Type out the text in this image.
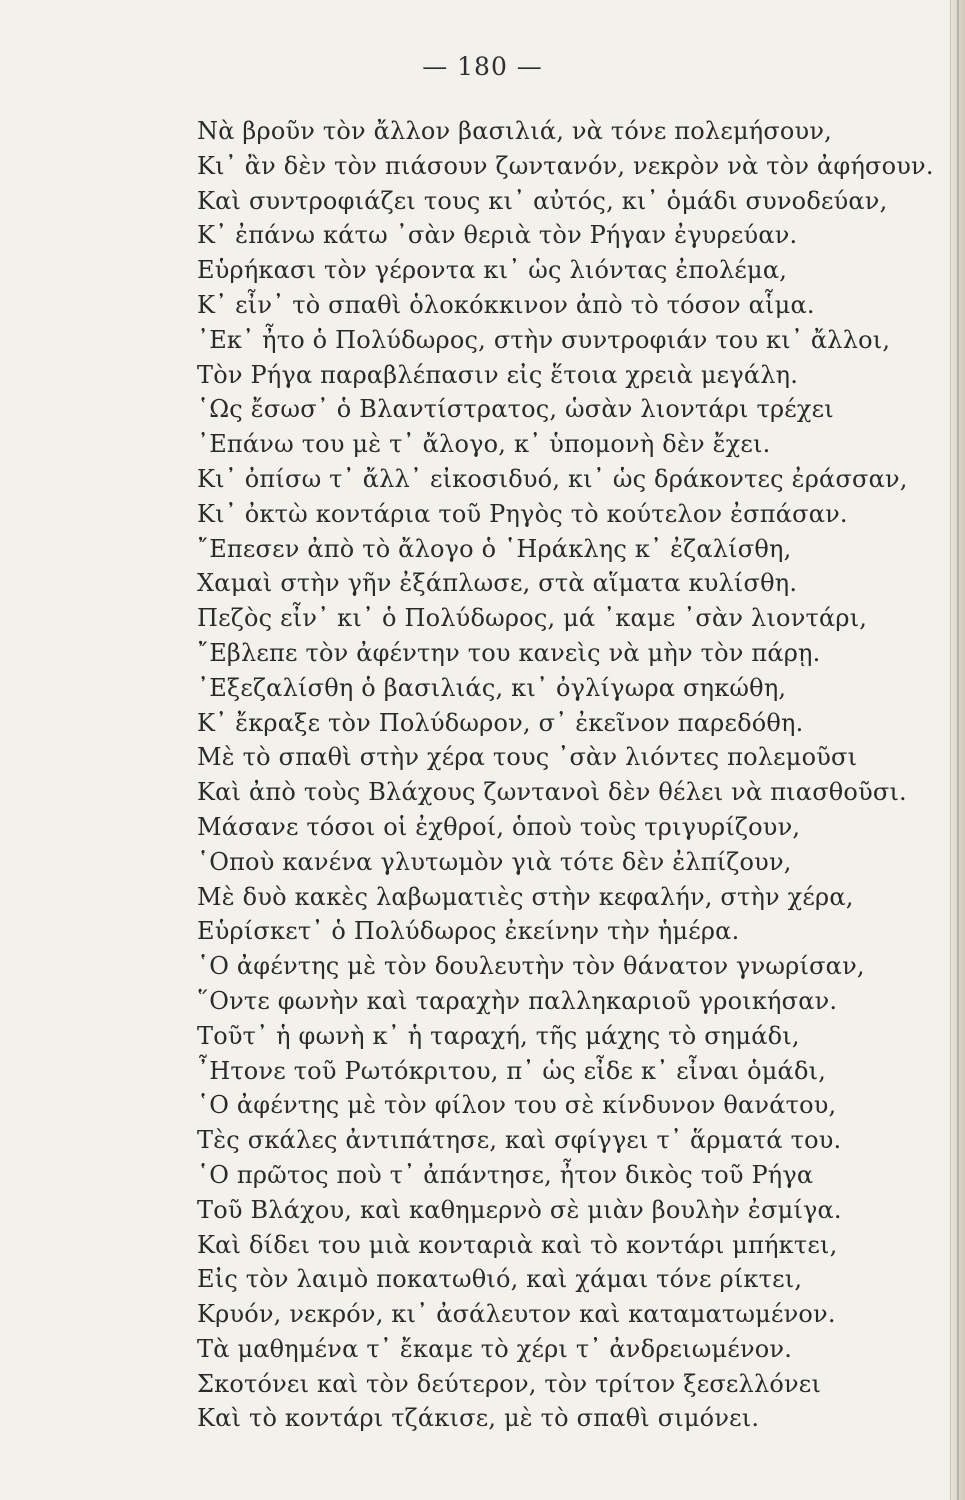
— 180 —
Νὰ βροῦν τὸν ἄλλον βασιλιά, νὰ τόνε πολεμήσουν,
Κι᾿ ἂν δὲν τὸν πιάσουν ζωντανόν, νεκρὸν νὰ τὸν ἀφήσουν.
Καὶ συντροφιάζει τους κι᾿ αὐτός, κι᾿ ὁμάδι συνοδεύαν,
Κ᾿ ἐπάνω κάτω ᾿σὰν θεριὰ τὸν Ρήγαν ἐγυρεύαν.
Εὑρήκασι τὸν γέροντα κι᾿ ὡς λιόντας ἐπολέμα,
Κ᾿ εἶν᾿ τὸ σπαθὶ ὁλοκόκκινον ἀπὸ τὸ τόσον αἷμα.
᾿Εκ᾿ ἦτο ὁ Πολύδωρος, στὴν συντροφιάν του κι᾿ ἄλλοι,
Τὸν Ρήγα παραβλέπασιν εἰς ἕτοια χρειὰ μεγάλη.
῾Ως ἔσωσ᾿ ὁ Βλαντίστρατος, ὡσὰν λιοντάρι τρέχει
᾿Επάνω του μὲ τ᾿ ἄλογο, κ᾿ ὑπομονὴ δὲν ἔχει.
Κι᾿ ὀπίσω τ᾿ ἄλλ᾿ εἰκοσιδυό, κι᾿ ὡς δράκοντες ἐράσσαν,
Κι᾿ ὀκτὼ κοντάρια τοῦ Ρηγὸς τὸ κούτελον ἐσπάσαν.
῎Επεσεν ἀπὸ τὸ ἄλογο ὁ ῾Ηράκλης κ᾿ ἐζαλίσθη,
Χαμαὶ στὴν γῆν ἐξάπλωσε, στὰ αἵματα κυλίσθη.
Πεζὸς εἶν᾿ κι᾿ ὁ Πολύδωρος, μά ᾿καμε ᾿σὰν λιοντάρι,
῎Εβλεπε τὸν ἀφέντην του κανεὶς νὰ μὴν τὸν πάρῃ.
᾿Εξεζαλίσθη ὁ βασιλιάς, κι᾿ ὀγλίγωρα σηκώθη,
Κ᾿ ἔκραξε τὸν Πολύδωρον, σ᾿ ἐκεῖνον παρεδόθη.
Μὲ τὸ σπαθὶ στὴν χέρα τους ᾿σὰν λιόντες πολεμοῦσι
Καὶ ἀπὸ τοὺς Βλάχους ζωντανοὶ δὲν θέλει νὰ πιασθοῦσι.
Μάσανε τόσοι οἱ ἐχθροί, ὁποὺ τοὺς τριγυρίζουν,
῾Οποὺ κανένα γλυτωμὸν γιὰ τότε δὲν ἐλπίζουν,
Μὲ δυὸ κακὲς λαβωματιὲς στὴν κεφαλήν, στὴν χέρα,
Εὑρίσκετ᾿ ὁ Πολύδωρος ἐκείνην τὴν ἡμέρα.
῾Ο ἀφέντης μὲ τὸν δουλευτὴν τὸν θάνατον γνωρίσαν,
῞Οντε φωνὴν καὶ ταραχὴν παλληκαριοῦ γροικήσαν.
Τοῦτ᾿ ἡ φωνὴ κ᾿ ἡ ταραχή, τῆς μάχης τὸ σημάδι,
῏Ητονε τοῦ Ρωτόκριτου, π᾿ ὡς εἶδε κ᾿ εἶναι ὁμάδι,
῾Ο ἀφέντης μὲ τὸν φίλον του σὲ κίνδυνον θανάτου,
Τὲς σκάλες ἀντιπάτησε, καὶ σφίγγει τ᾿ ἅρματά του.
῾Ο πρῶτος ποὺ τ᾿ ἀπάντησε, ἦτον δικὸς τοῦ Ρήγα
Τοῦ Βλάχου, καὶ καθημερνὸ σὲ μιὰν βουλὴν ἐσμίγα.
Καὶ δίδει του μιὰ κονταριὰ καὶ τὸ κοντάρι μπήκτει,
Εἰς τὸν λαιμὸ ποκατωθιό, καὶ χάμαι τόνε ρίκτει,
Κρυόν, νεκρόν, κι᾿ ἀσάλευτον καὶ καταματωμένον.
Τὰ μαθημένα τ᾿ ἔκαμε τὸ χέρι τ᾿ ἀνδρειωμένον.
Σκοτόνει καὶ τὸν δεύτερον, τὸν τρίτον ξεσελλόνει
Καὶ τὸ κοντάρι τζάκισε, μὲ τὸ σπαθὶ σιμόνει.
